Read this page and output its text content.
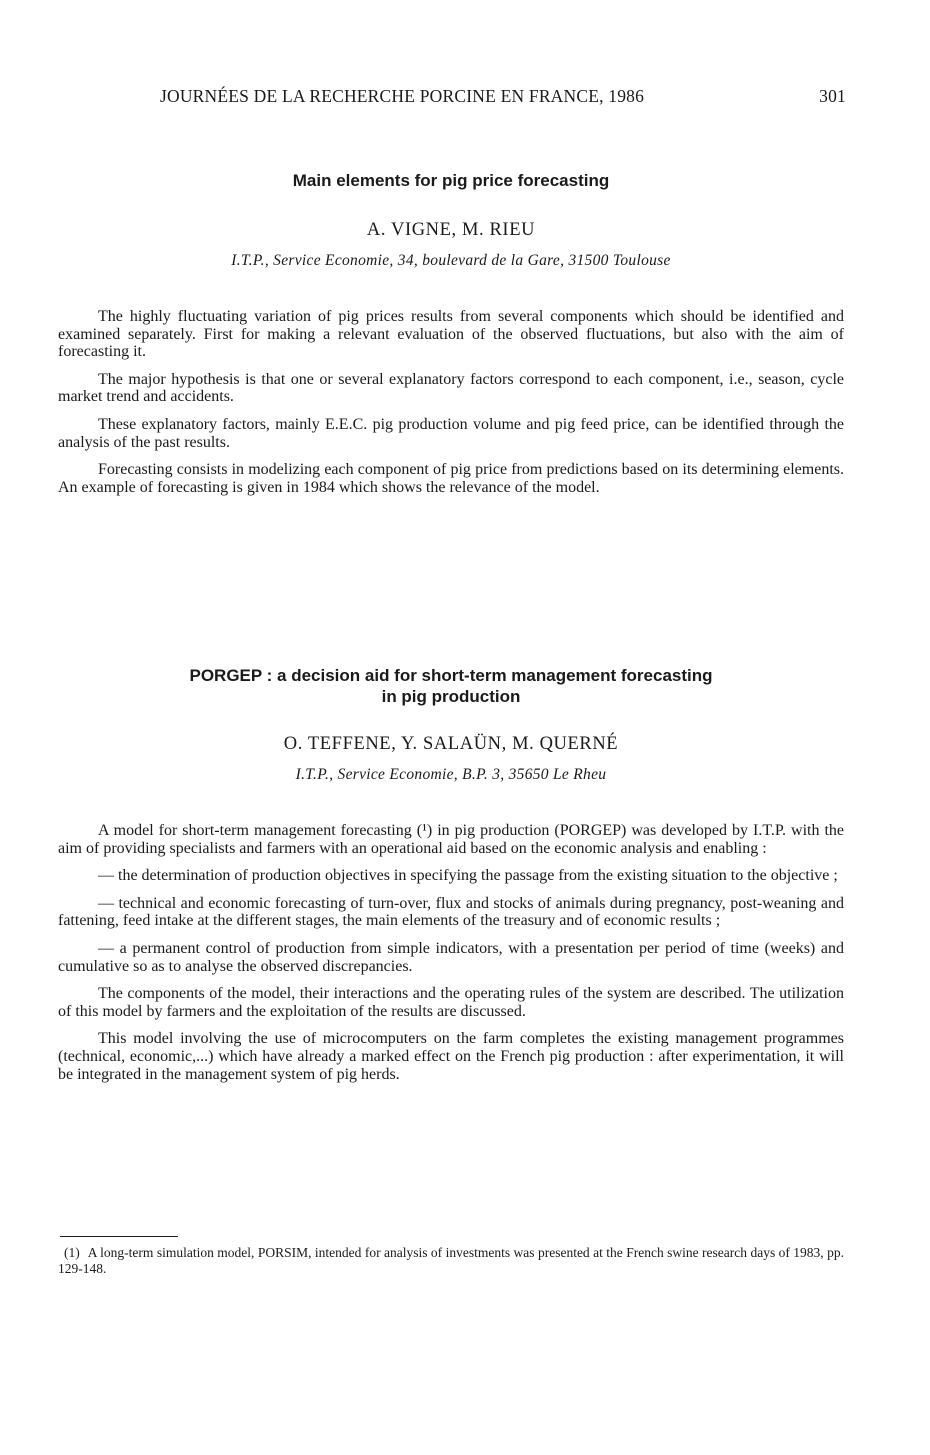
JOURNÉES DE LA RECHERCHE PORCINE EN FRANCE, 1986	301
Main elements for pig price forecasting
A. VIGNE, M. RIEU
I.T.P., Service Economie, 34, boulevard de la Gare, 31500 Toulouse

The highly fluctuating variation of pig prices results from several components which should be identified and examined separately. First for making a relevant evaluation of the observed fluctuations, but also with the aim of forecasting it.

The major hypothesis is that one or several explanatory factors correspond to each component, i.e., season, cycle market trend and accidents.

These explanatory factors, mainly E.E.C. pig production volume and pig feed price, can be identified through the analysis of the past results.

Forecasting consists in modelizing each component of pig price from predictions based on its determining elements. An example of forecasting is given in 1984 which shows the relevance of the model.

PORGEP : a decision aid for short-term management forecasting
in pig production
O. TEFFENE, Y. SALAÜN, M. QUERNÉ
I.T.P., Service Economie, B.P. 3, 35650 Le Rheu

A model for short-term management forecasting (¹) in pig production (PORGEP) was developed by I.T.P. with the aim of providing specialists and farmers with an operational aid based on the economic analysis and enabling :

— the determination of production objectives in specifying the passage from the existing situation to the objective ;

— technical and economic forecasting of turn-over, flux and stocks of animals during pregnancy, post-weaning and fattening, feed intake at the different stages, the main elements of the treasury and of economic results ;

— a permanent control of production from simple indicators, with a presentation per period of time (weeks) and cumulative so as to analyse the observed discrepancies.

The components of the model, their interactions and the operating rules of the system are described. The utilization of this model by farmers and the exploitation of the results are discussed.

This model involving the use of microcomputers on the farm completes the existing management programmes (technical, economic,...) which have already a marked effect on the French pig production : after experimentation, it will be integrated in the management system of pig herds.

(1) A long-term simulation model, PORSIM, intended for analysis of investments was presented at the French swine research days of 1983, pp. 129-148.
